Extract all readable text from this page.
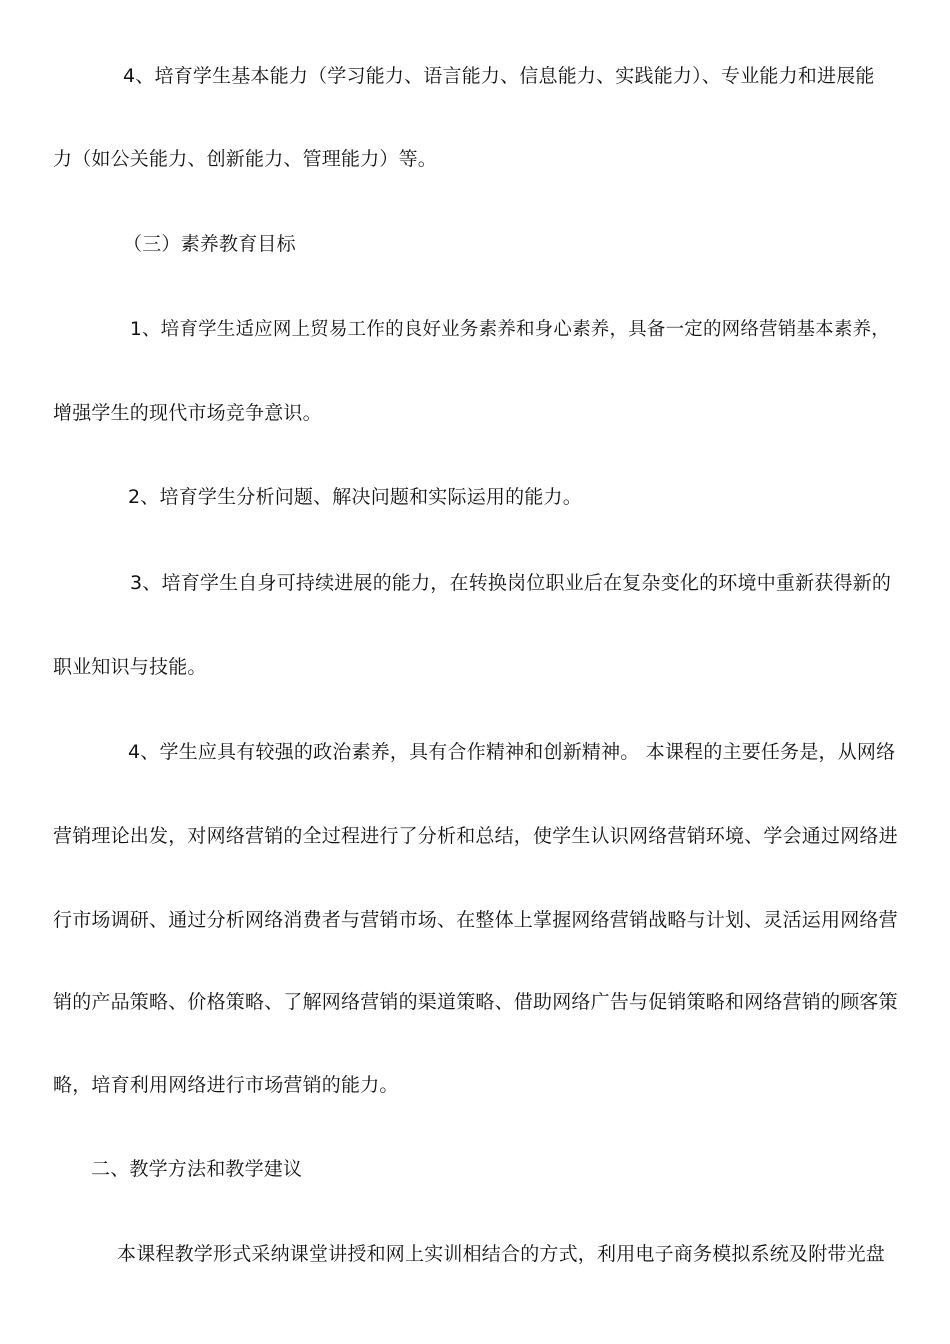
4、培育学生基本能力（学习能力、语言能力、信息能力、实践能力）、专业能力和进展能
力（如公关能力、创新能力、管理能力）等。
（三）素养教育目标
1、培育学生适应网上贸易工作的良好业务素养和身心素养，具备一定的网络营销基本素养，
增强学生的现代市场竞争意识。
2、培育学生分析问题、解决问题和实际运用的能力。
3、培育学生自身可持续进展的能力，在转换岗位职业后在复杂变化的环境中重新获得新的
职业知识与技能。
4、学生应具有较强的政治素养，具有合作精神和创新精神。 本课程的主要任务是，从网络
营销理论出发，对网络营销的全过程进行了分析和总结，使学生认识网络营销环境、学会通过网络进
行市场调研、通过分析网络消费者与营销市场、在整体上掌握网络营销战略与计划、灵活运用网络营
销的产品策略、价格策略、了解网络营销的渠道策略、借助网络广告与促销策略和网络营销的顾客策
略，培育利用网络进行市场营销的能力。
二、教学方法和教学建议
本课程教学形式采纳课堂讲授和网上实训相结合的方式，利用电子商务模拟系统及附带光盘
